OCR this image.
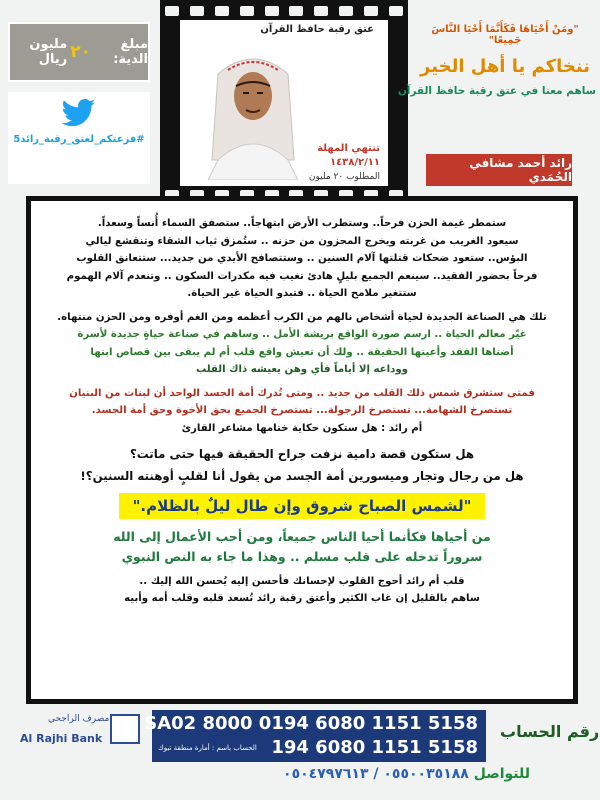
مبلغ الدية:
٢٠
مليون ريال
#فزعتكم_لعتق_رقبة_رائد5
عتق رقبة حافظ القرآن
تنتهي المهلة
١٤٣٨/٢/١١
المطلوب ٢٠ مليون
"ومَنْ أَحْيَاهَا فَكَأَنَّمَا أَحْيَا النَّاسَ جَمِيعًا"
ننخاكم يا أهل الخير
ساهم معنا في عتق رقبة حافظ القرآن
رائد أحمد مشافي الحُمَدي
ستمطر غيمة الحزن فرحاً.. وستطرب الأرض ابتهاجاً.. ستصفق السماء أُنساً وسعداً.
سيعود الغريب من غربته ويخرج المحزون من حزنه .. ستُمزق ثياب الشقاء وتنقشع ليالي
البؤس.. ستعود ضحكات قتلتها آلام السنين .. وستتصافح الأيدي من جديد... ستتعانق القلوب
فرحاً بحضور الفقيد.. سينعم الجميع بليلٍ هادئ تغيب فيه مكدرات السكون .. وتنعدم آلام الهموم
ستتغير ملامح الحياة .. فتبدو الحياة غير الحياة.
تلك هي الصناعة الجديدة لحياة أشخاص نالهم من الكرب أعظمه ومن الغم أوفره ومن الحزن منتهاه.
غيّر معالم الحياة .. ارسم صورة الواقع بريشة الأمل .. وساهم في صناعة حياةٍ جديدة لأسرة
أضناها الفقد وأعيتها الحقيقة .. ولك أن تعيش واقع قلب أم لم يبقى بين قصاص ابنها
ووداعه إلا أياماً فأي وهن يعيشه ذاك القلب
فمتى ستشرق شمس ذلك القلب من جديد .. ومتى تُدرك أمة الجسد الواحد أن لبنات من البنيان
تستصرخ الشهامة... تستصرخ الرجولة... تستصرخ الجميع بحق الأخوة وحق أمة الجسد.
أم رائد : هل ستكون حكاية ختامها مشاعر القارئ
هل ستكون قصة دامية نزفت جراح الحقيقة فيها حتى ماتت؟
هل من رجال وتجار وميسورين أمة الجسد من يقول أنا لقلبٍ أوهنته السنين؟!
"لشمس الصباح شروق وإن طال ليلٌ بالظلام."
من أحياها فكأنما أحيا الناس جميعاً، ومن أحب الأعمال إلى الله
سروراً تدخله على قلب مسلم .. وهذا ما جاء به النص النبوي
قلب أم رائد أحوج القلوب لإحسانك فأحسن إليه يُحسن الله إليك ..
ساهم بالقليل إن غاب الكثير وأعتق رقبة رائد تُسعد قلبه وقلب أمه وأبيه
مصرف الراجحي
Al Rajhi Bank
SA02 8000 0194 6080 1151 5158
194 6080 1151 5158
الحساب باسم : أمارة منطقة تبوك
رقم الحساب
للتواصل ٠٥٥٠٠٣٥١٨٨ / ٠٥٠٤٧٩٧٦١٣
